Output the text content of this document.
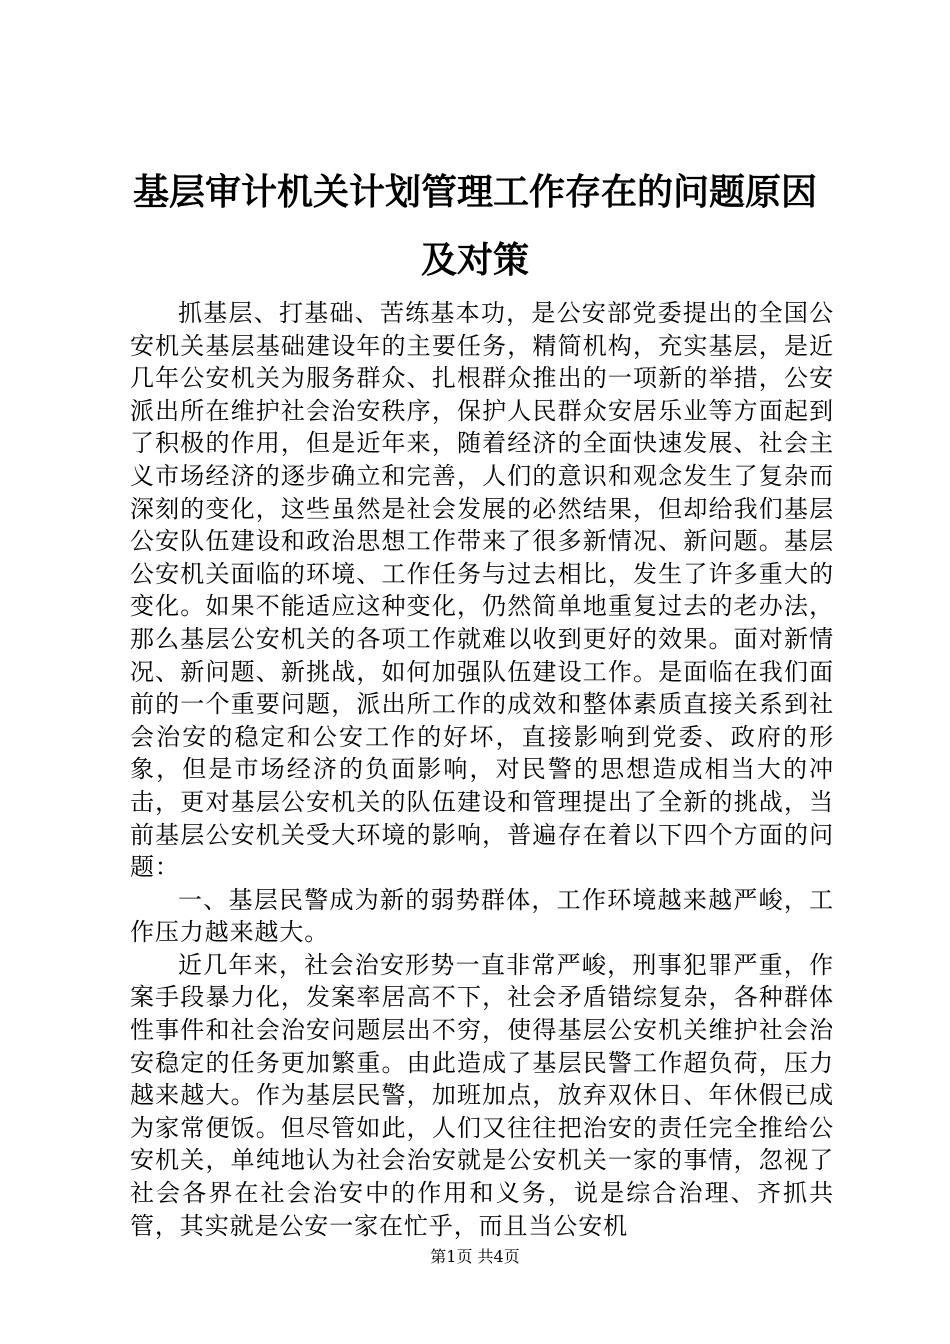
基层审计机关计划管理工作存在的问题原因及对策

抓基层、打基础、苦练基本功，是公安部党委提出的全国公安机关基层基础建设年的主要任务，精简机构，充实基层，是近几年公安机关为服务群众、扎根群众推出的一项新的举措，公安派出所在维护社会治安秩序，保护人民群众安居乐业等方面起到了积极的作用，但是近年来，随着经济的全面快速发展、社会主义市场经济的逐步确立和完善，人们的意识和观念发生了复杂而深刻的变化，这些虽然是社会发展的必然结果，但却给我们基层公安队伍建设和政治思想工作带来了很多新情况、新问题。基层公安机关面临的环境、工作任务与过去相比，发生了许多重大的变化。如果不能适应这种变化，仍然简单地重复过去的老办法，那么基层公安机关的各项工作就难以收到更好的效果。面对新情况、新问题、新挑战，如何加强队伍建设工作。是面临在我们面前的一个重要问题，派出所工作的成效和整体素质直接关系到社会治安的稳定和公安工作的好坏，直接影响到党委、政府的形象，但是市场经济的负面影响，对民警的思想造成相当大的冲击，更对基层公安机关的队伍建设和管理提出了全新的挑战，当前基层公安机关受大环境的影响，普遍存在着以下四个方面的问题：

一、基层民警成为新的弱势群体，工作环境越来越严峻，工作压力越来越大。

近几年来，社会治安形势一直非常严峻，刑事犯罪严重，作案手段暴力化，发案率居高不下，社会矛盾错综复杂，各种群体性事件和社会治安问题层出不穷，使得基层公安机关维护社会治安稳定的任务更加繁重。由此造成了基层民警工作超负荷，压力越来越大。作为基层民警，加班加点，放弃双休日、年休假已成为家常便饭。但尽管如此，人们又往往把治安的责任完全推给公安机关，单纯地认为社会治安就是公安机关一家的事情，忽视了社会各界在社会治安中的作用和义务，说是综合治理、齐抓共管，其实就是公安一家在忙乎，而且当公安机

第1页 共4页
